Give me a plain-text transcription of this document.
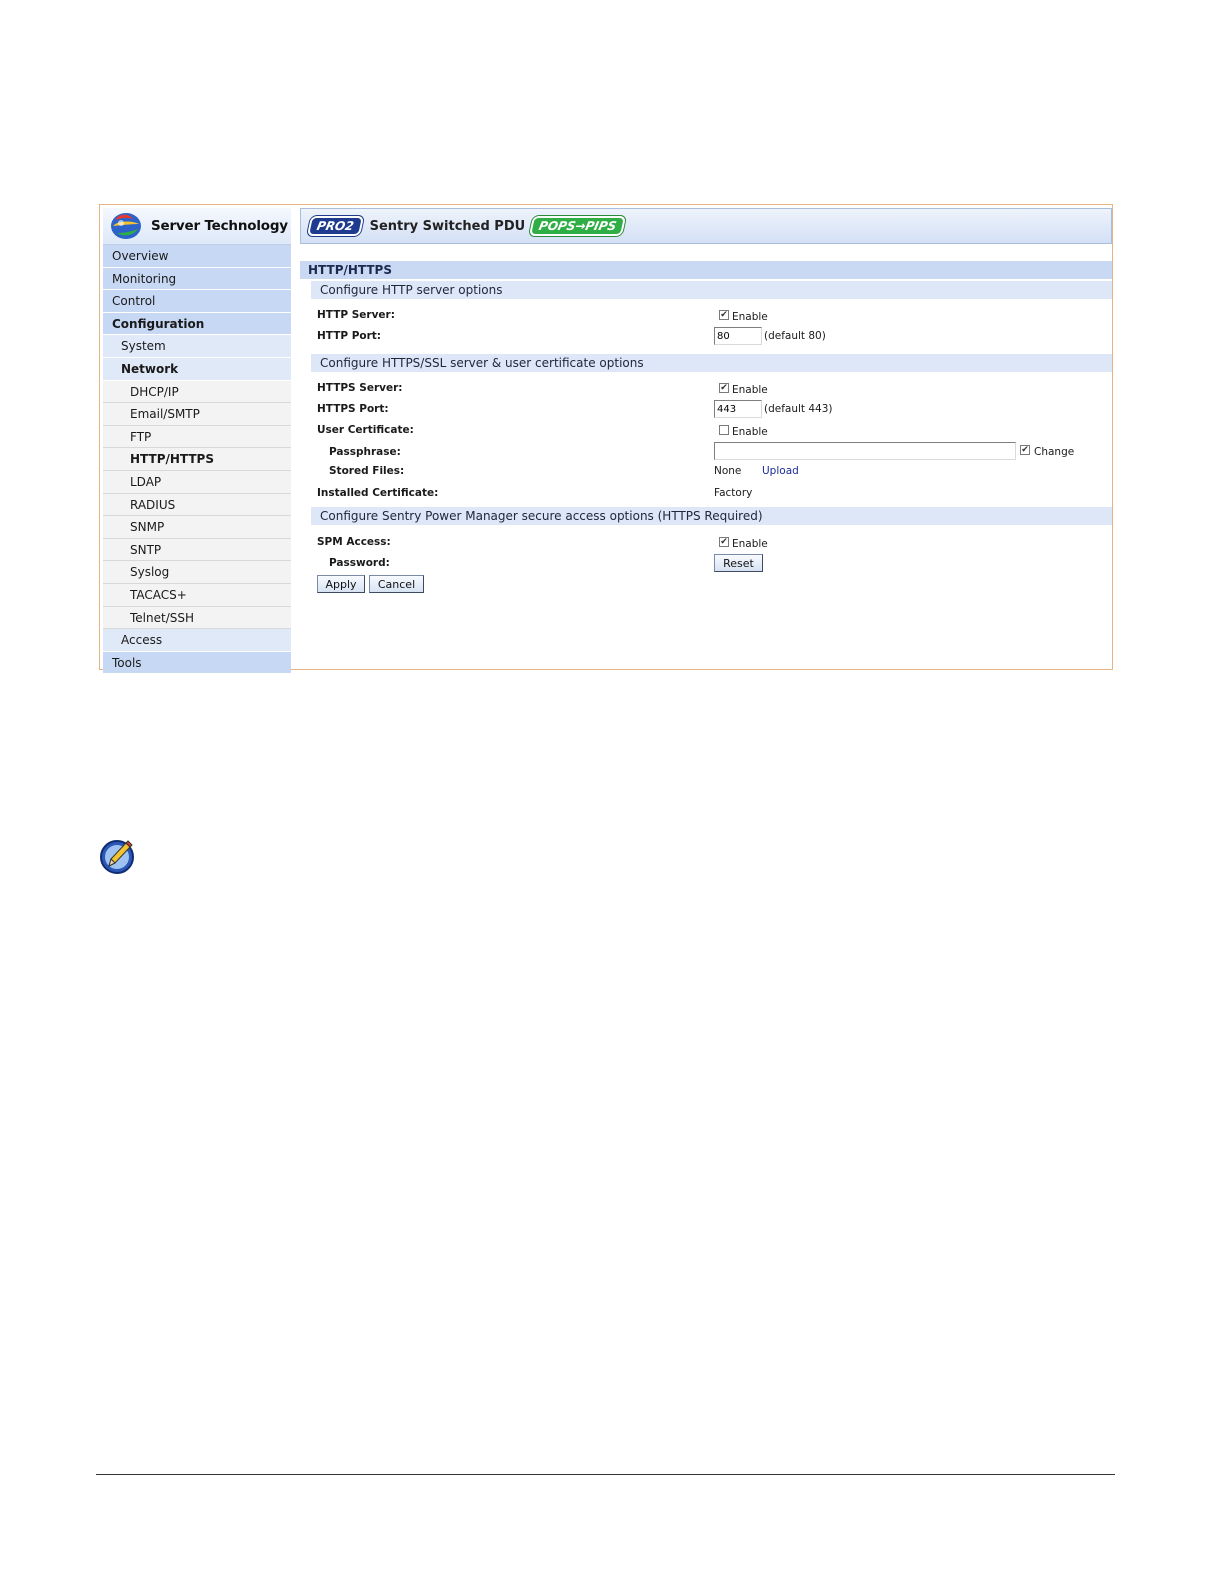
Server Technology
Overview
Monitoring
Control
Configuration
System
Network
DHCP/IP
Email/SMTP
FTP
HTTP/HTTPS
LDAP
RADIUS
SNMP
SNTP
Syslog
TACACS+
Telnet/SSH
Access
Tools
PRO2	Sentry Switched PDU	POPS→PIPS
HTTP/HTTPS
Configure HTTP server options
HTTP Server:	✔ Enable
HTTP Port:
80	(default 80)
Configure HTTPS/SSL server & user certificate options
HTTPS Server:	✔ Enable
HTTPS Port:
443	(default 443)
User Certificate:	Enable
Passphrase:	✔ Change
Stored Files:	None Upload
Installed Certificate:	Factory
Configure Sentry Power Manager secure access options (HTTPS Required)
SPM Access:	✔ Enable
Password:	Reset
Apply	Cancel
